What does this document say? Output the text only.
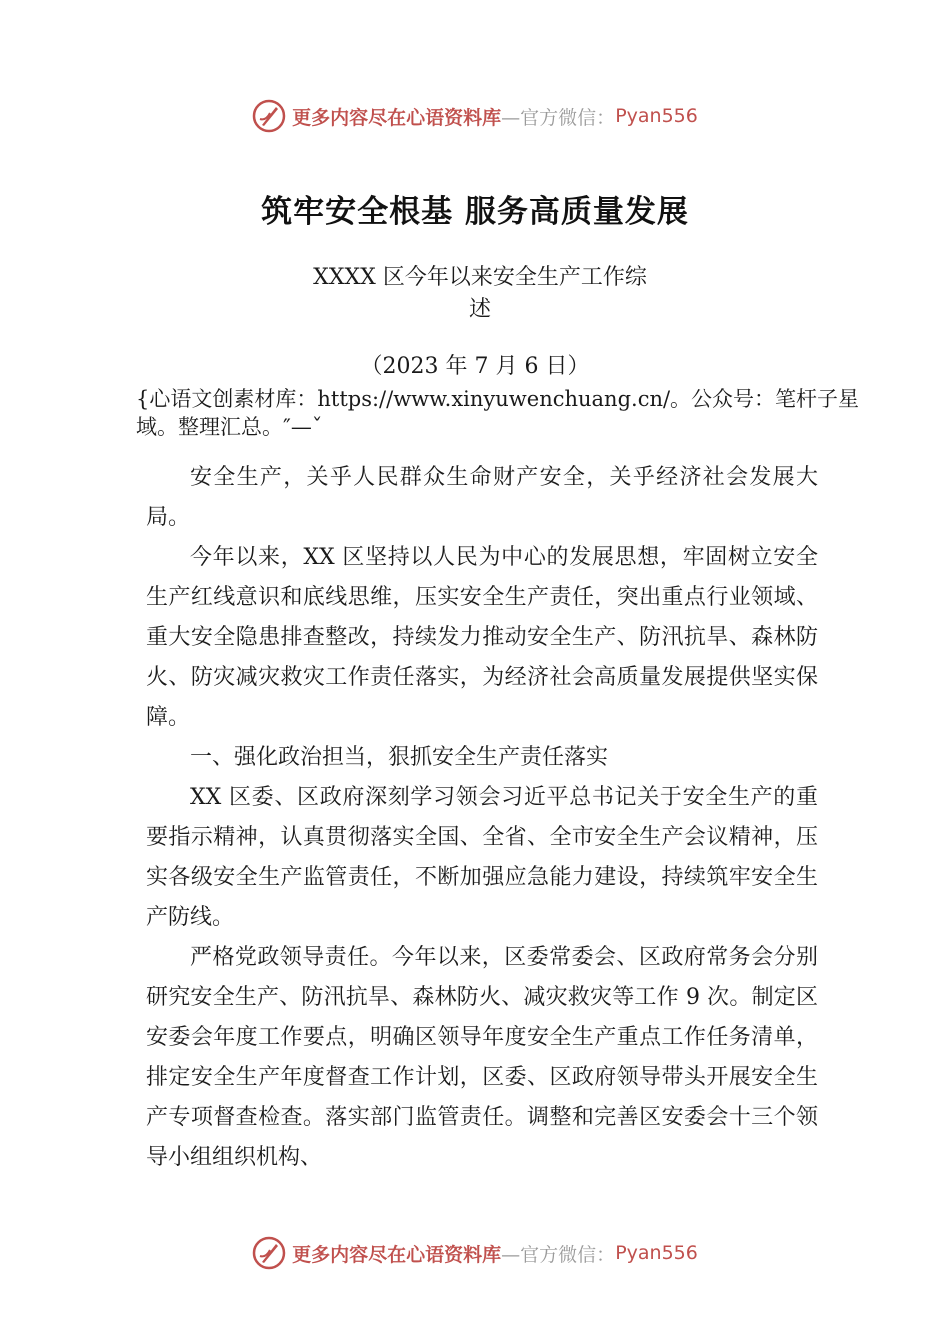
更多内容尽在心语资料库 —官方微信： Pyan556
筑牢安全根基 服务高质量发展
XXXX 区今年以来安全生产工作综
述
（2023 年 7 月 6 日）
{心语文创素材库：https://www.xinyuwenchuang.cn/。公众号：笔杆子星域。整理汇总。″—ˇ

安全生产，关乎人民群众生命财产安全，关乎经济社会发展大局。

今年以来，XX 区坚持以人民为中心的发展思想，牢固树立安全生产红线意识和底线思维，压实安全生产责任，突出重点行业领域、重大安全隐患排查整改，持续发力推动安全生产、防汛抗旱、森林防火、防灾减灾救灾工作责任落实，为经济社会高质量发展提供坚实保障。

一、强化政治担当，狠抓安全生产责任落实

XX 区委、区政府深刻学习领会习近平总书记关于安全生产的重要指示精神，认真贯彻落实全国、全省、全市安全生产会议精神，压实各级安全生产监管责任，不断加强应急能力建设，持续筑牢安全生产防线。

严格党政领导责任。今年以来，区委常委会、区政府常务会分别研究安全生产、防汛抗旱、森林防火、减灾救灾等工作 9 次。制定区安委会年度工作要点，明确区领导年度安全生产重点工作任务清单，排定安全生产年度督查工作计划，区委、区政府领导带头开展安全生产专项督查检查。落实部门监管责任。调整和完善区安委会十三个领导小组组织机构、

更多内容尽在心语资料库 —官方微信： Pyan556
